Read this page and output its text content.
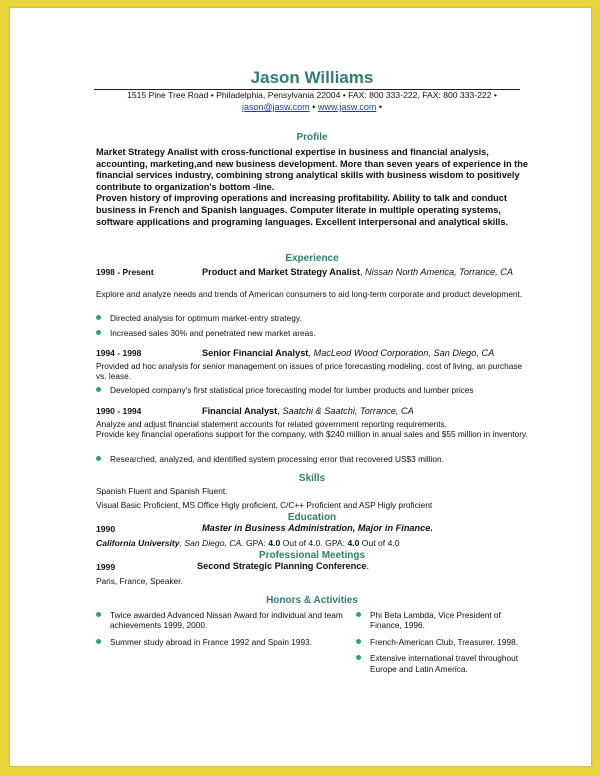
Jason Williams
1515 Pine Tree Road • Philadelphia, Pensylvania 22004 • FAX: 800 333-222, FAX: 800 333-222 •
jason@jasw.com • www.jasw.com •
Profile
Market Strategy Analist with cross-functional expertise in business and financial analysis, accounting, marketing,and new business development. More than seven years of experience in the financial services industry, combining strong analytical skills with business wisdom to positively contribute to organization's bottom -line.
Proven history of improving operations and increasing profitability. Ability to talk and conduct business in French and Spanish languages. Computer literate in multiple operating systems, software applications and programing languages. Excellent interpersonal and analytical skills.
Experience
1998 - Present	Product and Market Strategy Analist, Nissan North America, Torrance, CA
Explore and analyze needs and trends of American consumers to aid long-term corporate and product development.
Directed analysis for optimum market-entry strategy.
Increased sales 30% and penetrated new market areas.
1994 - 1998	Senior Financial Analyst, MacLeod Wood Corporation, San Diego, CA
Provided ad hoc analysis for senior management on issues of price forecasting modeling, cost of living, an purchase vs. lease.
Developed company's first statistical price forecasting model for lumber products and lumber prices
1990 - 1994	Financial Analyst, Saatchi & Saatchi, Torrance, CA
Analyze and adjust financial statement accounts for related government reporting requirements.
Provide key financial operations support for the company, with $240 million in anual sales and $55 million in inventory.
Researched, analyzed, and identified system processing error that recovered US$3 million.
Skills
Spanish Fluent and Spanish Fluent.
Visual Basic Proficient, MS Office Higly proficient, C/C++ Proficient and ASP Higly proficient
Education
1990	Master in Business Administration, Major in Finance.
California University, San Diego, CA. GPA: 4.0 Out of 4.0. GPA: 4.0 Out of 4.0
Professional Meetings
1999	Second Strategic Planning Conference.
Paris, France, Speaker.
Honors & Activities
Twice awarded Advanced Nissan Award for individual and team achievements 1999, 2000.
Summer study abroad in France 1992 and Spain 1993.
Phi Beta Lambda, Vice President of Finance, 1996.
French-American Club, Treasurer, 1998.
Extensive international travel throughout Europe and Latin America.
